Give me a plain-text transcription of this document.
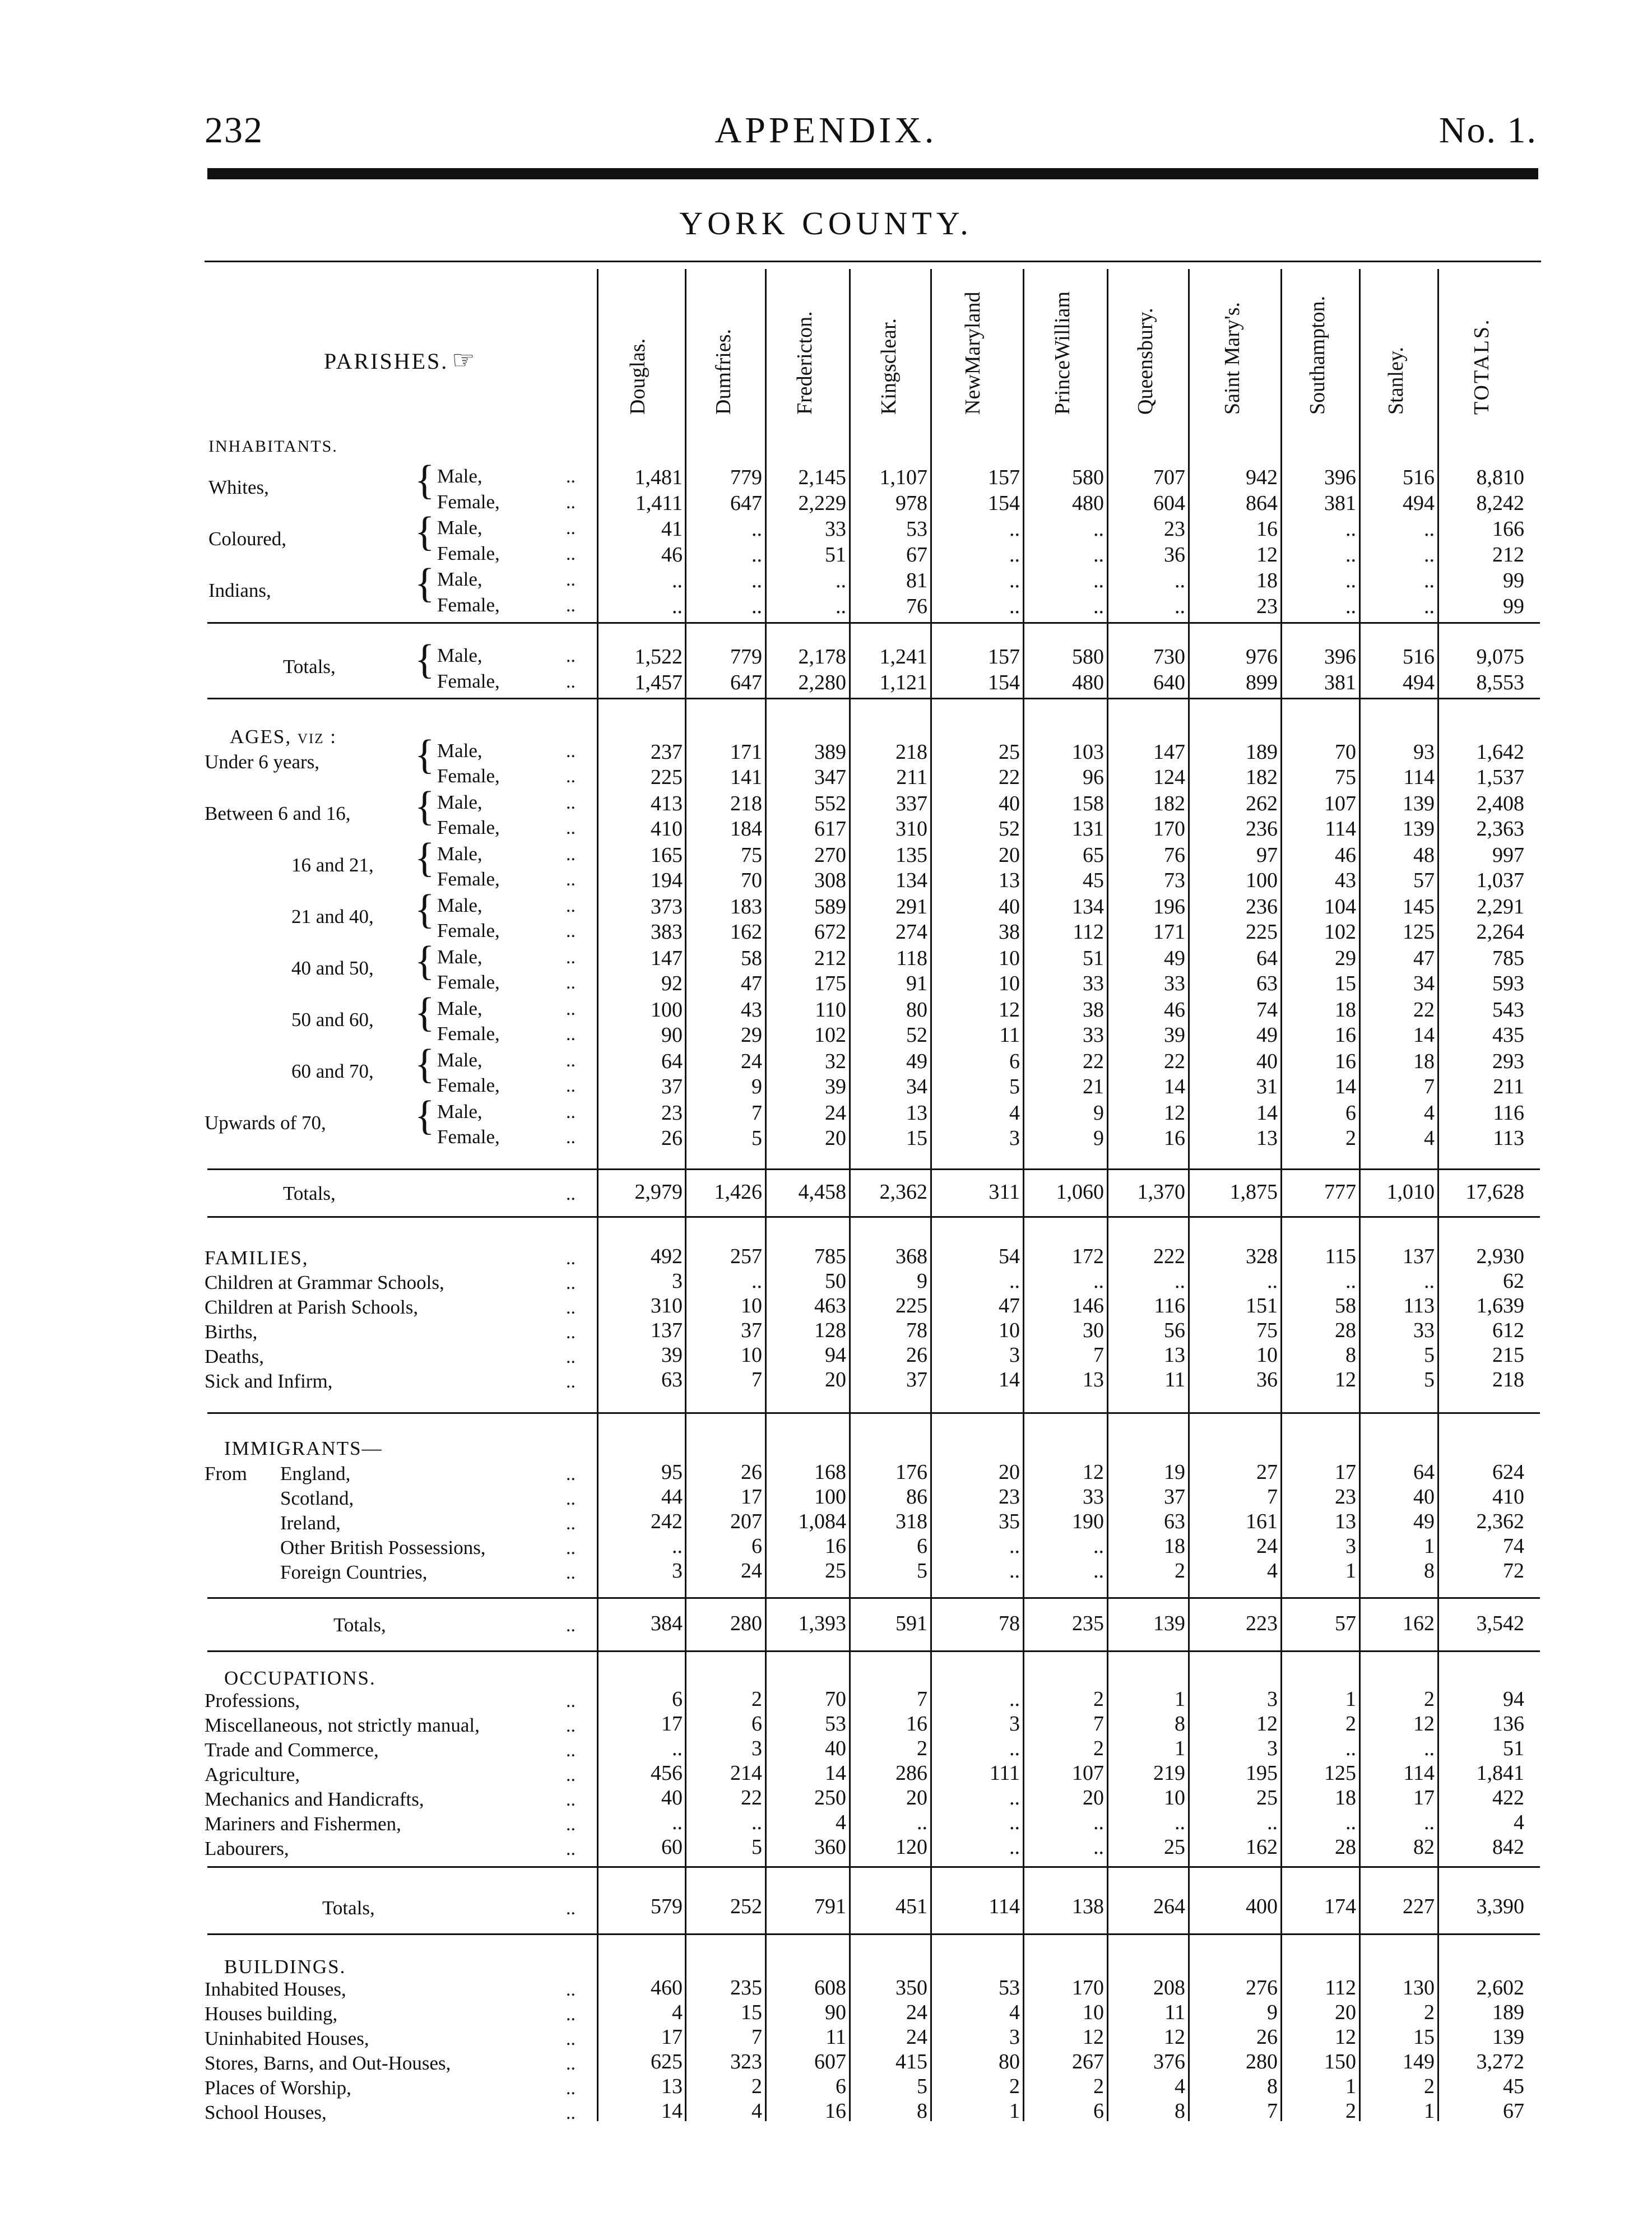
232	APPENDIX.	No. 1.
YORK COUNTY.
PARISHES. ☞	Douglas.	Dumfries.	Fredericton.	Kingsclear.	NewMaryland	PrinceWilliam	Queensbury.	Saint Mary's.	Southampton.	Stanley.	TOTALS.
INHABITANTS.
Whites,	{ Male,	..	1,481	779	2,145	1,107	157	580	707	942	396	516	8,810
Female,	..	1,411	647	2,229	978	154	480	604	864	381	494	8,242
Coloured,	{ Male,	..	41	..	33	53	..	..	23	16	..	..	166
Female,	..	46	..	51	67	..	..	36	12	..	..	212
Indians,	{ Male,	..	..	..	..	81	..	..	..	18	..	..	99
Female,	..	..	..	..	76	..	..	..	23	..	..	99
Totals, { Male,	..	1,522	779	2,178	1,241	157	580	730	976	396	516	9,075
Female,	..	1,457	647	2,280	1,121	154	480	640	899	381	494	8,553
AGES, viz :
Under 6 years, { Male,	..	237	171	389	218	25	103	147	189	70	93	1,642
Female,	..	225	141	347	211	22	96	124	182	75	114	1,537
Between 6 and 16, { Male,	..	413	218	552	337	40	158	182	262	107	139	2,408
Female,	..	410	184	617	310	52	131	170	236	114	139	2,363
16 and 21, { Male,	..	165	75	270	135	20	65	76	97	46	48	997
Female,	..	194	70	308	134	13	45	73	100	43	57	1,037
21 and 40, { Male,	..	373	183	589	291	40	134	196	236	104	145	2,291
Female,	..	383	162	672	274	38	112	171	225	102	125	2,264
40 and 50, { Male,	..	147	58	212	118	10	51	49	64	29	47	785
Female,	..	92	47	175	91	10	33	33	63	15	34	593
50 and 60, { Male,	..	100	43	110	80	12	38	46	74	18	22	543
Female,	..	90	29	102	52	11	33	39	49	16	14	435
60 and 70, { Male,	..	64	24	32	49	6	22	22	40	16	18	293
Female,	..	37	9	39	34	5	21	14	31	14	7	211
Upwards of 70, { Male,	..	23	7	24	13	4	9	12	14	6	4	116
Female,	..	26	5	20	15	3	9	16	13	2	4	113
Totals,	..	2,979	1,426	4,458	2,362	311	1,060	1,370	1,875	777	1,010	17,628
FAMILIES,	..	492	257	785	368	54	172	222	328	115	137	2,930
Children at Grammar Schools,	..	3	..	50	9	..	..	..	..	..	..	62
Children at Parish Schools,	..	310	10	463	225	47	146	116	151	58	113	1,639
Births,	..	137	37	128	78	10	30	56	75	28	33	612
Deaths,	..	39	10	94	26	3	7	13	10	8	5	215
Sick and Infirm,	..	63	7	20	37	14	13	11	36	12	5	218
IMMIGRANTS—
From England,	..	95	26	168	176	20	12	19	27	17	64	624
Scotland,	..	44	17	100	86	23	33	37	7	23	40	410
Ireland,	..	242	207	1,084	318	35	190	63	161	13	49	2,362
Other British Possessions,	..	..	6	16	6	..	..	18	24	3	1	74
Foreign Countries,	..	3	24	25	5	..	..	2	4	1	8	72
Totals,	..	384	280	1,393	591	78	235	139	223	57	162	3,542
OCCUPATIONS.
Professions,	..	6	2	70	7	..	2	1	3	1	2	94
Miscellaneous, not strictly manual,	..	17	6	53	16	3	7	8	12	2	12	136
Trade and Commerce,	..	..	3	40	2	..	2	1	3	..	..	51
Agriculture,	..	456	214	14	286	111	107	219	195	125	114	1,841
Mechanics and Handicrafts,	..	40	22	250	20	..	20	10	25	18	17	422
Mariners and Fishermen,	..	..	..	4	..	..	..	..	..	..	..	4
Labourers,	..	60	5	360	120	..	..	25	162	28	82	842
Totals,	..	579	252	791	451	114	138	264	400	174	227	3,390
BUILDINGS.
Inhabited Houses,	..	460	235	608	350	53	170	208	276	112	130	2,602
Houses building,	..	4	15	90	24	4	10	11	9	20	2	189
Uninhabited Houses,	..	17	7	11	24	3	12	12	26	12	15	139
Stores, Barns, and Out-Houses,	..	625	323	607	415	80	267	376	280	150	149	3,272
Places of Worship,	..	13	2	6	5	2	2	4	8	1	2	45
School Houses,	..	14	4	16	8	1	6	8	7	2	1	67
